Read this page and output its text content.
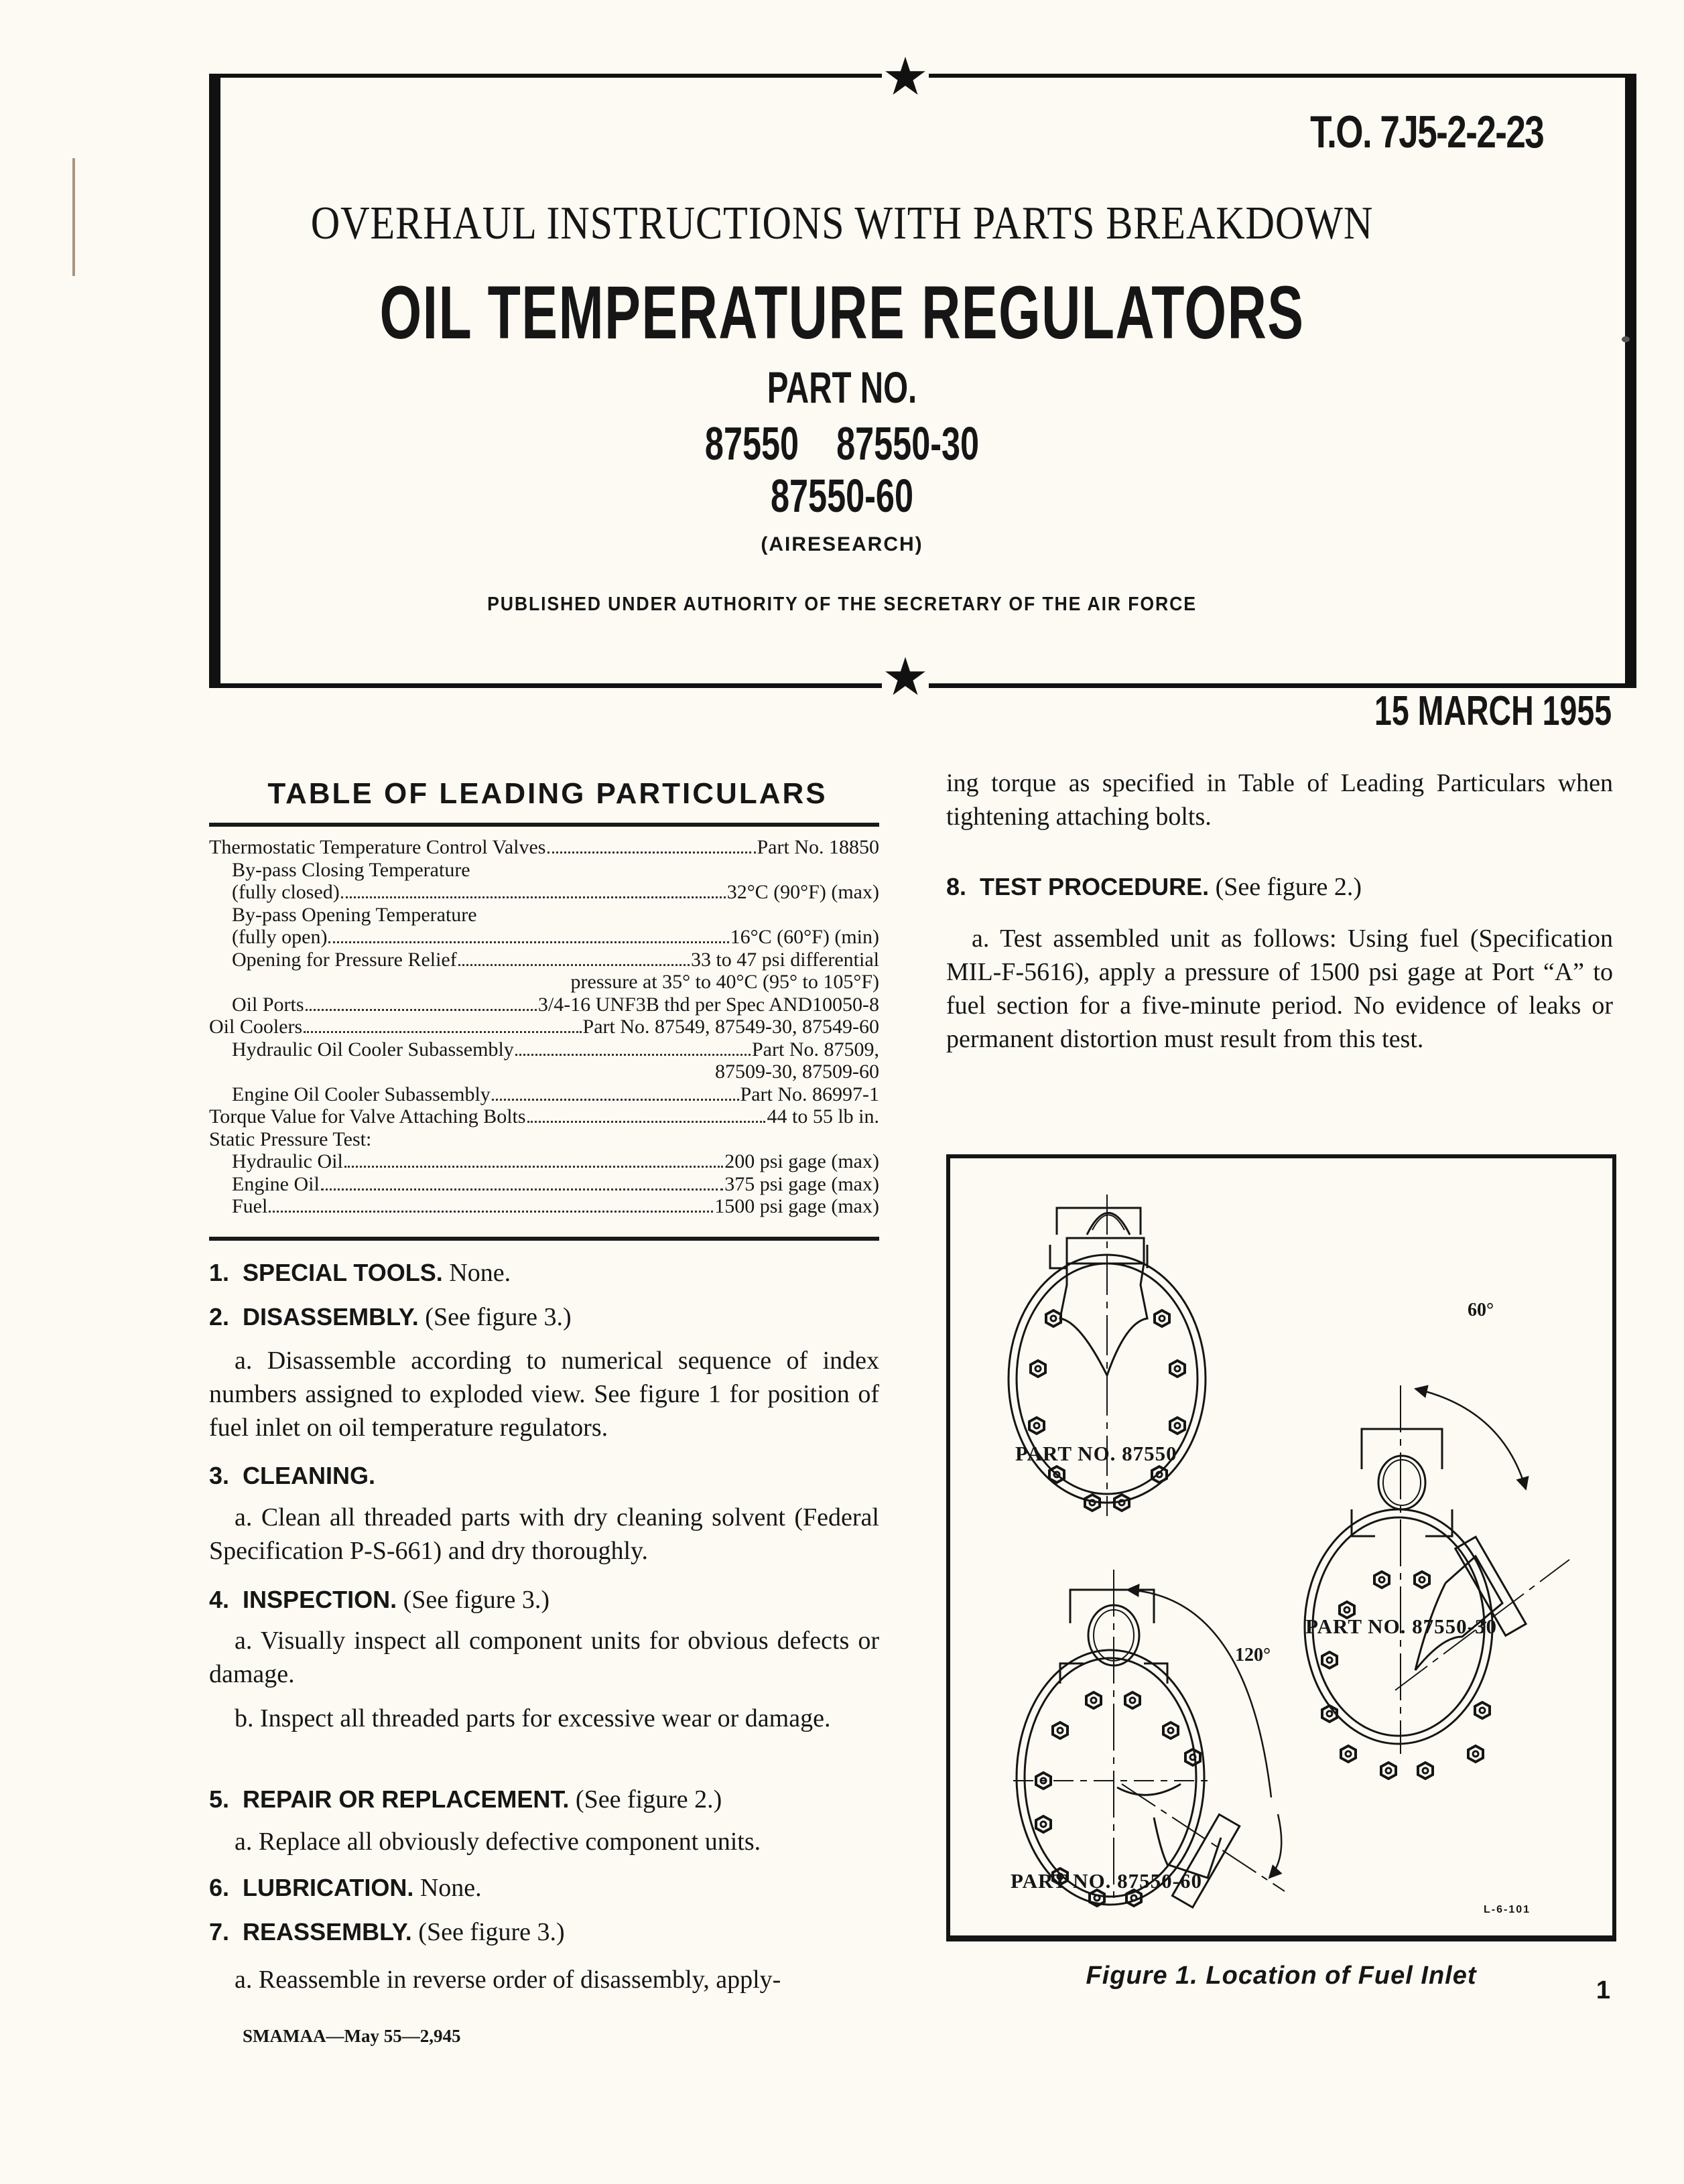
★
★
T.O. 7J5-2-2-23
OVERHAUL INSTRUCTIONS WITH PARTS BREAKDOWN
OIL TEMPERATURE REGULATORS
PART NO.
87550    87550-30
87550-60
(AIRESEARCH)
PUBLISHED UNDER AUTHORITY OF THE SECRETARY OF THE AIR FORCE
15 MARCH 1955
TABLE OF LEADING PARTICULARS
Thermostatic Temperature Control Valves	Part No. 18850
By-pass Closing Temperature
(fully closed)	32°C (90°F) (max)
By-pass Opening Temperature
(fully open)	16°C (60°F) (min)
Opening for Pressure Relief	33 to 47 psi differential
pressure at 35° to 40°C (95° to 105°F)
Oil Ports	3/4-16 UNF3B thd per Spec AND10050-8
Oil Coolers	Part No. 87549, 87549-30, 87549-60
Hydraulic Oil Cooler Subassembly	Part No. 87509,
87509-30, 87509-60
Engine Oil Cooler Subassembly	Part No. 86997-1
Torque Value for Valve Attaching Bolts	44 to 55 lb in.
Static Pressure Test:
Hydraulic Oil	200 psi gage (max)
Engine Oil	375 psi gage (max)
Fuel	1500 psi gage (max)
1. SPECIAL TOOLS. None.
2. DISASSEMBLY. (See figure 3.)
a. Disassemble according to numerical sequence of index numbers assigned to exploded view. See figure 1 for position of fuel inlet on oil temperature regulators.
3. CLEANING.
a. Clean all threaded parts with dry cleaning solvent (Federal Specification P-S-661) and dry thoroughly.
4. INSPECTION. (See figure 3.)
a. Visually inspect all component units for obvious defects or damage.
b. Inspect all threaded parts for excessive wear or damage.
5. REPAIR OR REPLACEMENT. (See figure 2.)
a. Replace all obviously defective component units.
6. LUBRICATION. None.
7. REASSEMBLY. (See figure 3.)
a. Reassemble in reverse order of disassembly, apply-
ing torque as specified in Table of Leading Particulars when tightening attaching bolts.
8. TEST PROCEDURE. (See figure 2.)
a. Test assembled unit as follows: Using fuel (Specification MIL-F-5616), apply a pressure of 1500 psi gage at Port “A” to fuel section for a five-minute period. No evidence of leaks or permanent distortion must result from this test.
PART NO. 87550
PART NO. 87550-30
PART NO. 87550-60
60°
120°
L-6-101
Figure 1. Location of Fuel Inlet
SMAMAA—May 55—2,945
1
